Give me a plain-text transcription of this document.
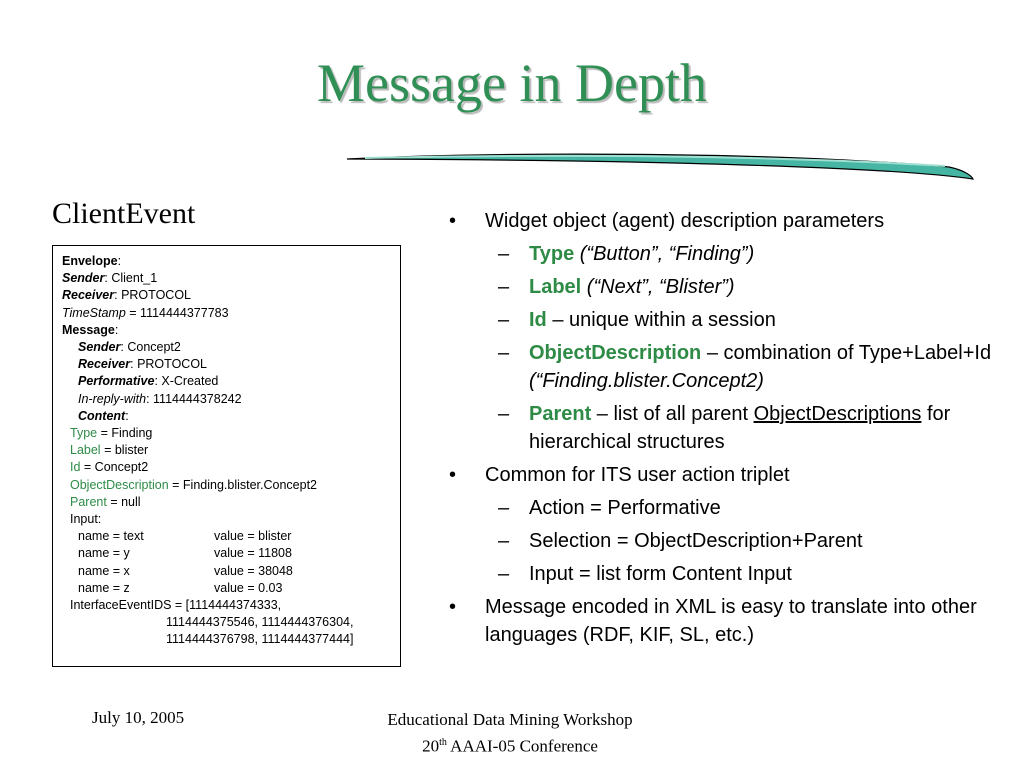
Message in Depth
ClientEvent
Envelope:
Sender: Client_1
Receiver: PROTOCOL
TimeStamp = 1114444377783
Message:
Sender: Concept2
Receiver: PROTOCOL
Performative: X-Created
In-reply-with: 1114444378242
Content:
Type = Finding
Label = blister
Id = Concept2
ObjectDescription = Finding.blister.Concept2
Parent = null
Input:
name = text	value = blister
name = y	value = 11808
name = x	value = 38048
name = z	value = 0.03
InterfaceEventIDS = [1114444374333,
1114444375546, 1114444376304,
1114444376798, 1114444377444]
• Widget object (agent) description parameters
– Type (“Button”, “Finding”)
– Label (“Next”, “Blister”)
– Id – unique within a session
– ObjectDescription – combination of Type+Label+Id (“Finding.blister.Concept2)
– Parent – list of all parent ObjectDescriptions for hierarchical structures
• Common for ITS user action triplet
– Action = Performative
– Selection = ObjectDescription+Parent
– Input = list form Content Input
• Message encoded in XML is easy to translate into other languages (RDF, KIF, SL, etc.)
July 10, 2005	Educational Data Mining Workshop
20th AAAI-05 Conference
